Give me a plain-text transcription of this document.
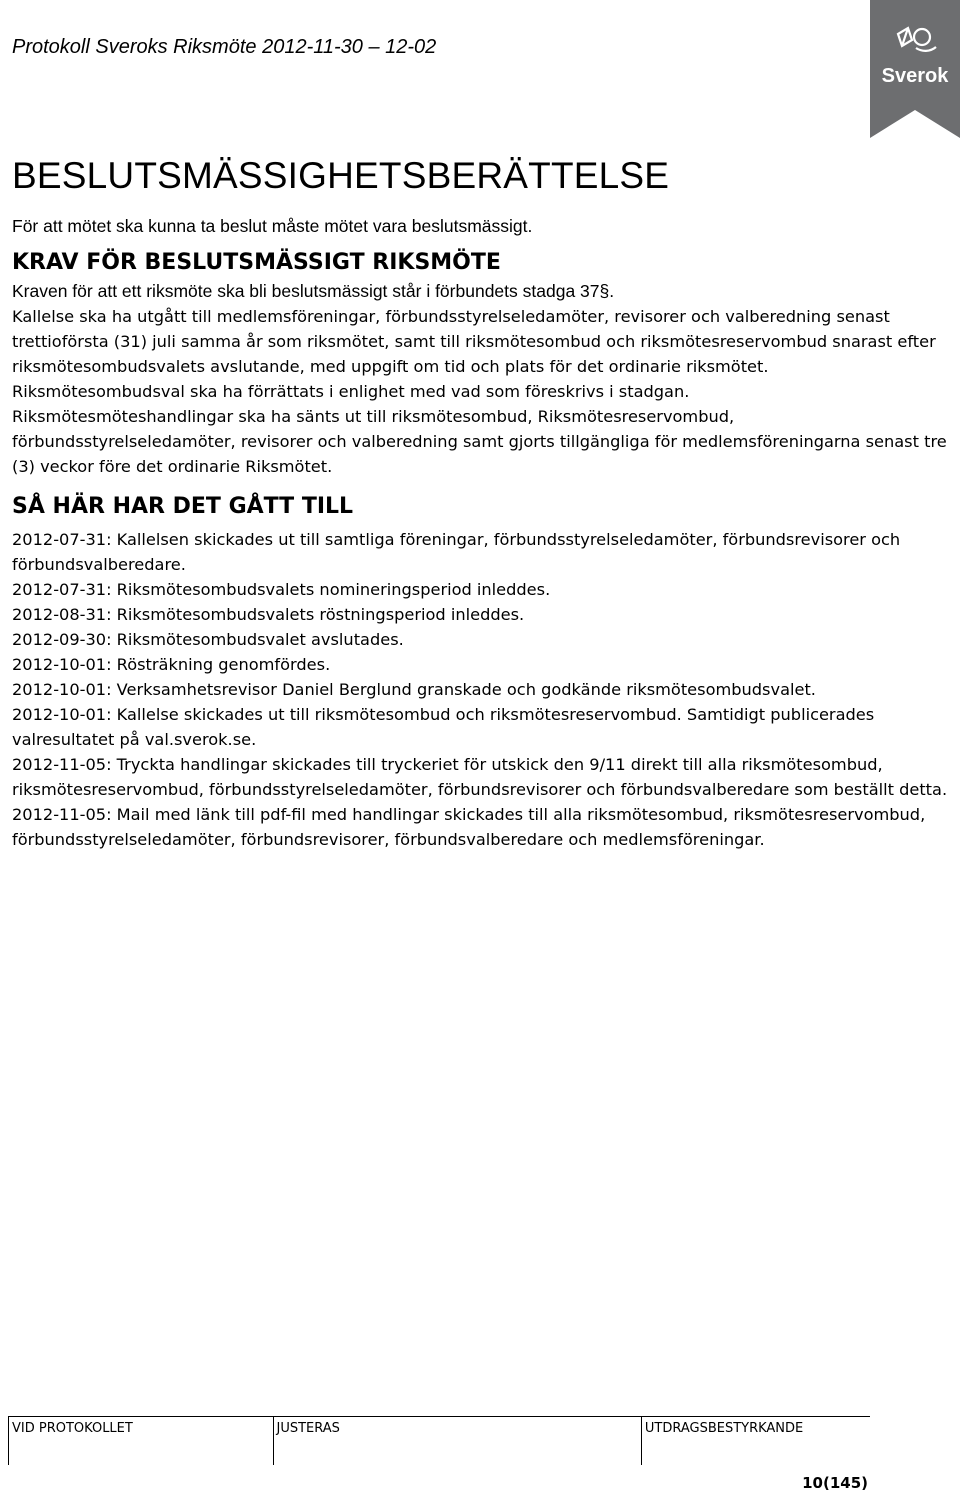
Protokoll Sveroks Riksmöte 2012-11-30 – 12-02
Sverok
BESLUTSMÄSSIGHETSBERÄTTELSE

För att mötet ska kunna ta beslut måste mötet vara beslutsmässigt.

KRAV FÖR BESLUTSMÄSSIGT RIKSMÖTE

Kraven för att ett riksmöte ska bli beslutsmässigt står i förbundets stadga 37§.

Kallelse ska ha utgått till medlemsföreningar, förbundsstyrelseledamöter, revisorer och valberedning senast trettioförsta (31) juli samma år som riksmötet, samt till riksmötesombud och riksmötesreservombud snarast efter riksmötesombudsvalets avslutande, med uppgift om tid och plats för det ordinarie riksmötet.

Riksmötesombudsval ska ha förrättats i enlighet med vad som föreskrivs i stadgan.

Riksmötesmöteshandlingar ska ha sänts ut till riksmötesombud, Riksmötesreservombud, förbundsstyrelseledamöter, revisorer och valberedning samt gjorts tillgängliga för medlemsföreningarna senast tre (3) veckor före det ordinarie Riksmötet.

SÅ HÄR HAR DET GÅTT TILL

2012-07-31: Kallelsen skickades ut till samtliga föreningar, förbundsstyrelseledamöter, förbundsrevisorer och förbundsvalberedare.

2012-07-31: Riksmötesombudsvalets nomineringsperiod inleddes.

2012-08-31: Riksmötesombudsvalets röstningsperiod inleddes.

2012-09-30: Riksmötesombudsvalet avslutades.

2012-10-01: Rösträkning genomfördes.

2012-10-01: Verksamhetsrevisor Daniel Berglund granskade och godkände riksmötesombudsvalet.

2012-10-01: Kallelse skickades ut till riksmötesombud och riksmötesreservombud. Samtidigt publicerades valresultatet på val.sverok.se.

2012-11-05: Tryckta handlingar skickades till tryckeriet för utskick den 9/11 direkt till alla riksmötesombud, riksmötesreservombud, förbundsstyrelseledamöter, förbundsrevisorer och förbundsvalberedare som beställt detta.

2012-11-05: Mail med länk till pdf-fil med handlingar skickades till alla riksmötesombud, riksmötesreservombud, förbundsstyrelseledamöter, förbundsrevisorer, förbundsvalberedare och medlemsföreningar.

VID PROTOKOLLET	JUSTERAS	UTDRAGSBESTYRKANDE
10(145)
